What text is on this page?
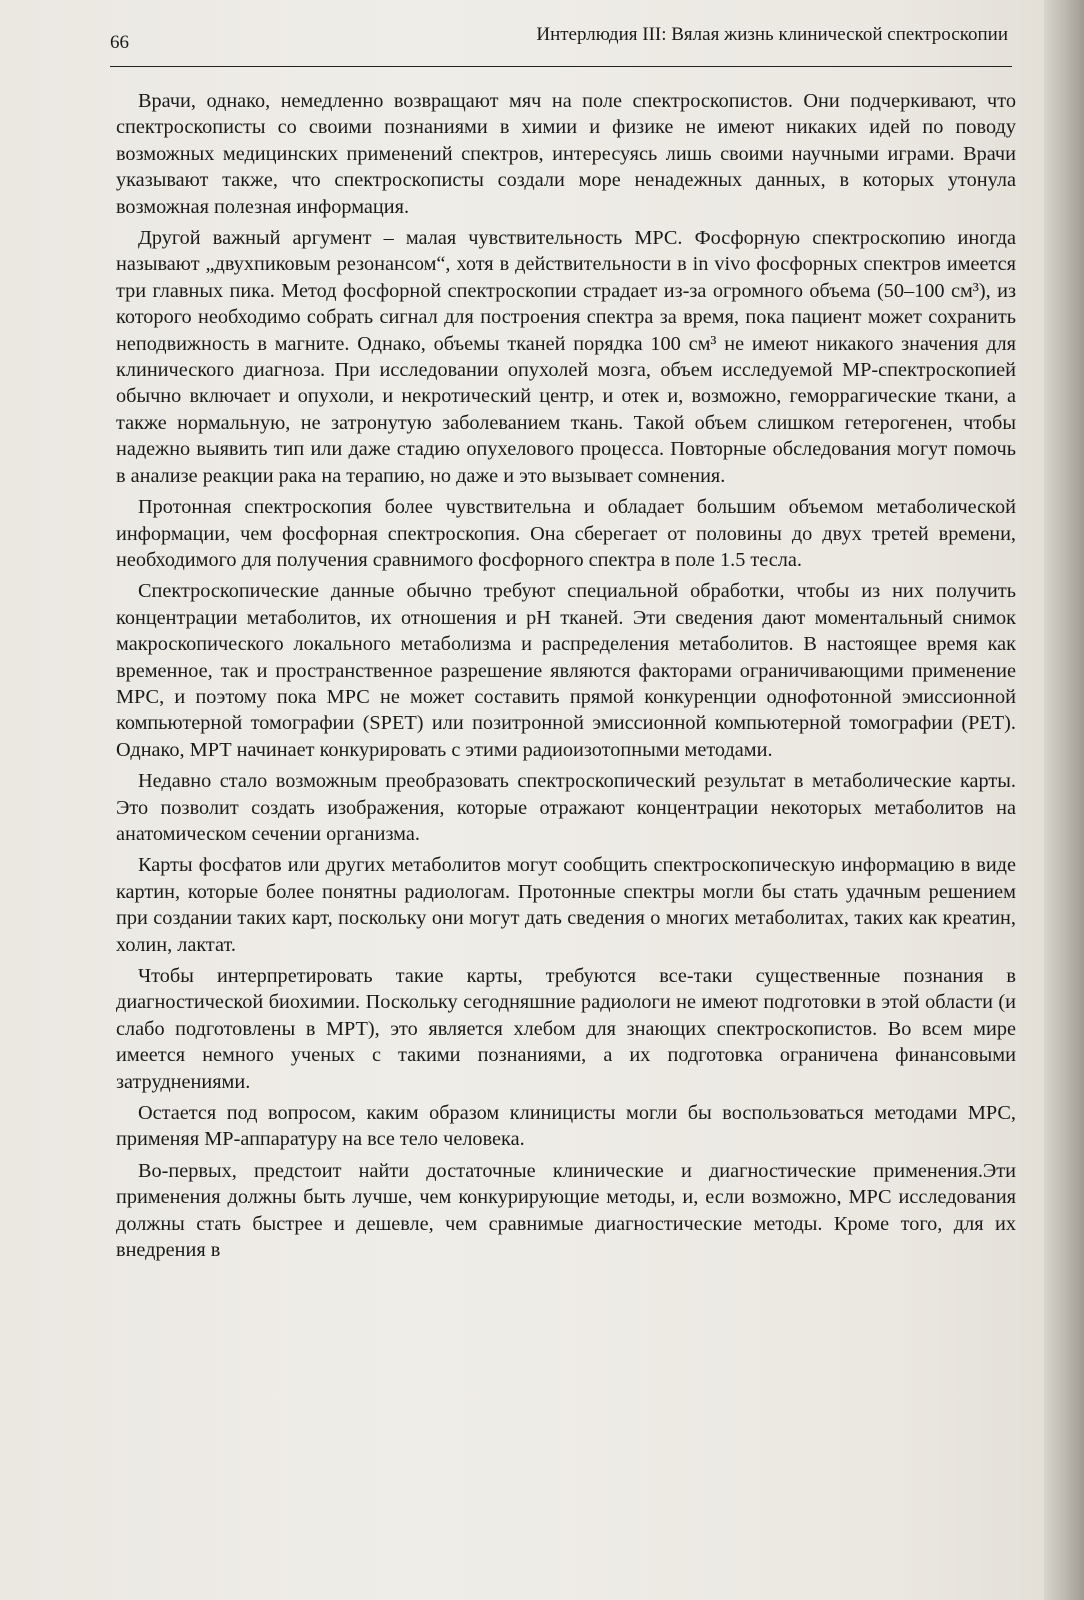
66	Интерлюдия III: Вялая жизнь клинической спектроскопии

Врачи, однако, немедленно возвращают мяч на поле спектроскопистов. Они подчеркивают, что спектроскописты со своими познаниями в химии и физике не имеют никаких идей по поводу возможных медицинских применений спектров, интересуясь лишь своими научными играми. Врачи указывают также, что спектроскописты создали море ненадежных данных, в которых утонула возможная полезная информация.

Другой важный аргумент – малая чувствительность МРС. Фосфорную спектроскопию иногда называют „двухпиковым резонансом“, хотя в действительности в in vivo фосфорных спектров имеется три главных пика. Метод фосфорной спектроскопии страдает из-за огромного объема (50–100 см³), из которого необходимо собрать сигнал для построения спектра за время, пока пациент может сохранить неподвижность в магните. Однако, объемы тканей порядка 100 см³ не имеют никакого значения для клинического диагноза. При исследовании опухолей мозга, объем исследуемой МР-спектроскопией обычно включает и опухоли, и некротический центр, и отек и, возможно, геморрагические ткани, а также нормальную, не затронутую заболеванием ткань. Такой объем слишком гетерогенен, чтобы надежно выявить тип или даже стадию опухелового процесса. Повторные обследования могут помочь в анализе реакции рака на терапию, но даже и это вызывает сомнения.

Протонная спектроскопия более чувствительна и обладает большим объемом метаболической информации, чем фосфорная спектроскопия. Она сберегает от половины до двух третей времени, необходимого для получения сравнимого фосфорного спектра в поле 1.5 тесла.

Спектроскопические данные обычно требуют специальной обработки, чтобы из них получить концентрации метаболитов, их отношения и рН тканей. Эти сведения дают моментальный снимок макроскопического локального метаболизма и распределения метаболитов. В настоящее время как временное, так и пространственное разрешение являются факторами ограничивающими применение МРС, и поэтому пока МРС не может составить прямой конкуренции однофотонной эмиссионной компьютерной томографии (SPET) или позитронной эмиссионной компьютерной томографии (PET). Однако, МРТ начинает конкурировать с этими радиоизотопными методами.

Недавно стало возможным преобразовать спектроскопический результат в метаболические карты. Это позволит создать изображения, которые отражают концентрации некоторых метаболитов на анатомическом сечении организма.

Карты фосфатов или других метаболитов могут сообщить спектроскопическую информацию в виде картин, которые более понятны радиологам. Протонные спектры могли бы стать удачным решением при создании таких карт, поскольку они могут дать сведения о многих метаболитах, таких как креатин, холин, лактат.

Чтобы интерпретировать такие карты, требуются все-таки существенные познания в диагностической биохимии. Поскольку сегодняшние радиологи не имеют подготовки в этой области (и слабо подготовлены в МРТ), это является хлебом для знающих спектроскопистов. Во всем мире имеется немного ученых с такими познаниями, а их подготовка ограничена финансовыми затруднениями.

Остается под вопросом, каким образом клиницисты могли бы воспользоваться методами МРС, применяя МР-аппаратуру на все тело человека.

Во-первых, предстоит найти достаточные клинические и диагностические применения.Эти применения должны быть лучше, чем конкурирующие методы, и, если возможно, МРС исследования должны стать быстрее и дешевле, чем сравнимые диагностические методы. Кроме того, для их внедрения в
